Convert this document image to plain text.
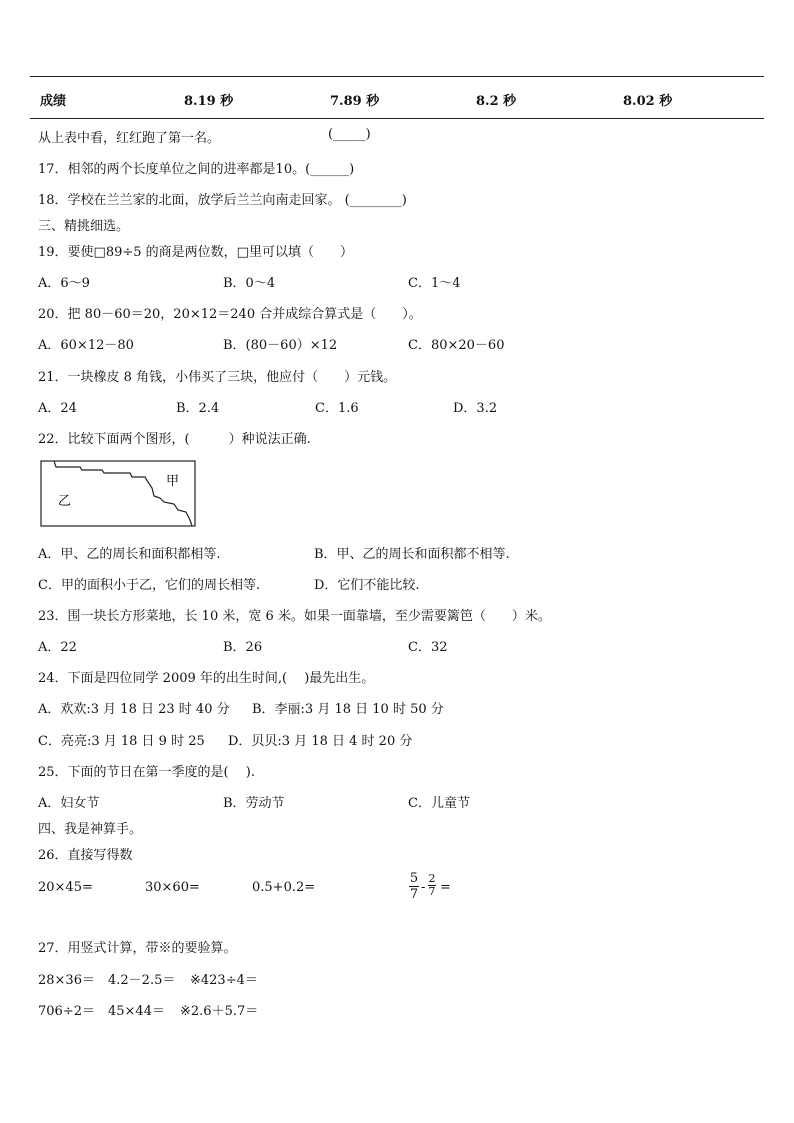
成绩	8.19 秒	7.89 秒	8.2 秒	8.02 秒
从上表中看，红红跑了第一名。	(_____)
17．相邻的两个长度单位之间的进率都是10。(______)
18．学校在兰兰家的北面，放学后兰兰向南走回家。 (________)
三、精挑细选。
19．要使□89÷5 的商是两位数，□里可以填（　　）
A．6～9	B．0～4	C．1～4
20．把 80－60＝20，20×12＝240 合并成综合算式是（　　）。
A．60×12－80	B．(80－60）×12	C．80×20－60
21．一块橡皮 8 角钱，小伟买了三块，他应付（　　）元钱。
A．24	B．2.4	C．1.6	D．3.2
22．比较下面两个图形，(　　　）种说法正确.
甲
乙
A．甲、乙的周长和面积都相等.	B．甲、乙的周长和面积都不相等.
C．甲的面积小于乙，它们的周长相等.	D．它们不能比较.
23．围一块长方形菜地，长 10 米，宽 6 米。如果一面靠墙，至少需要篱笆（　　）米。
A．22	B．26	C．32
24．下面是四位同学 2009 年的出生时间,(　 )最先出生。
A．欢欢:3 月 18 日 23 时 40 分 B．李丽:3 月 18 日 10 时 50 分
C．亮亮:3 月 18 日 9 时 25 D．贝贝:3 月 18 日 4 时 20 分
25．下面的节日在第一季度的是(　 ).
A．妇女节	B．劳动节	C．儿童节
四、我是神算手。
26．直接写得数
20×45=	30×60=	0.5+0.2=
5
7 -
2
7 =
27．用竖式计算，带※的要验算。
28×36＝ 4.2－2.5＝ ※423÷4＝
706÷2＝ 45×44＝ ※2.6＋5.7＝
